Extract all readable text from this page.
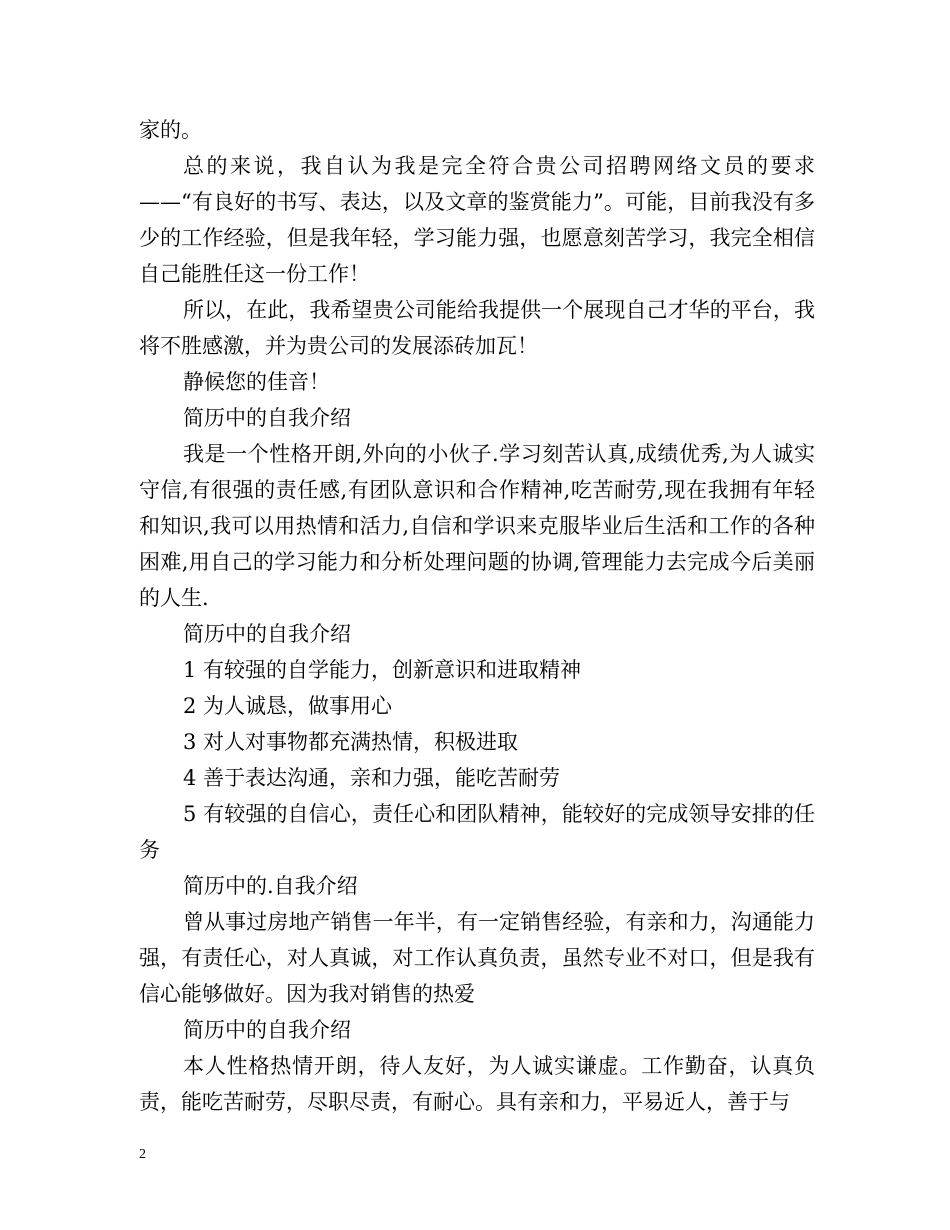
家的。

总的来说，我自认为我是完全符合贵公司招聘网络文员的要求——“有良好的书写、表达，以及文章的鉴赏能力”。可能，目前我没有多少的工作经验，但是我年轻，学习能力强，也愿意刻苦学习，我完全相信自己能胜任这一份工作！

所以，在此，我希望贵公司能给我提供一个展现自己才华的平台，我将不胜感激，并为贵公司的发展添砖加瓦！

静候您的佳音！

简历中的自我介绍

我是一个性格开朗,外向的小伙子.学习刻苦认真,成绩优秀,为人诚实守信,有很强的责任感,有团队意识和合作精神,吃苦耐劳,现在我拥有年轻和知识,我可以用热情和活力,自信和学识来克服毕业后生活和工作的各种困难,用自己的学习能力和分析处理问题的协调,管理能力去完成今后美丽的人生.

简历中的自我介绍

1 有较强的自学能力，创新意识和进取精神

2 为人诚恳，做事用心

3 对人对事物都充满热情，积极进取

4 善于表达沟通，亲和力强，能吃苦耐劳

5 有较强的自信心，责任心和团队精神，能较好的完成领导安排的任务

简历中的.自我介绍

曾从事过房地产销售一年半，有一定销售经验，有亲和力，沟通能力强，有责任心，对人真诚，对工作认真负责，虽然专业不对口，但是我有信心能够做好。因为我对销售的热爱

简历中的自我介绍

本人性格热情开朗，待人友好，为人诚实谦虚。工作勤奋，认真负责，能吃苦耐劳，尽职尽责，有耐心。具有亲和力，平易近人，善于与

2
